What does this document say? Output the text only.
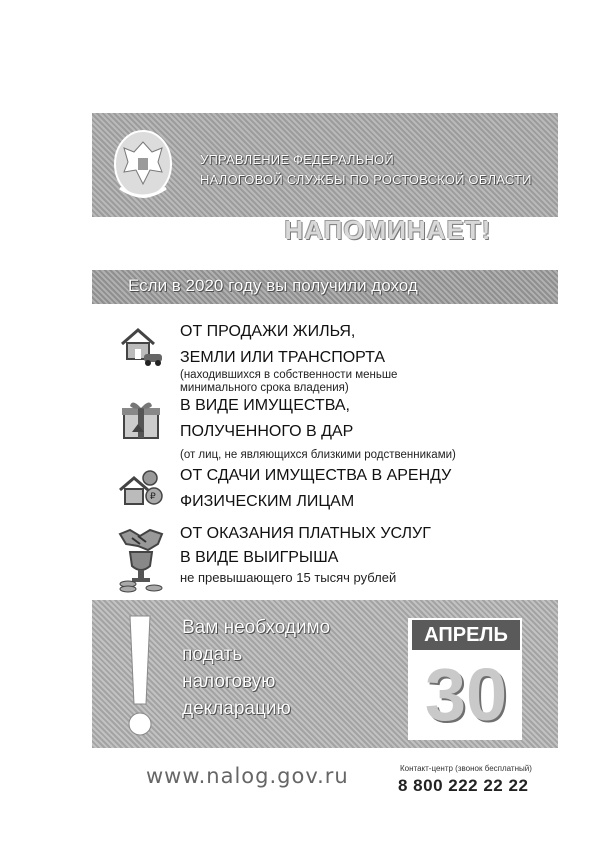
УПРАВЛЕНИЕ ФЕДЕРАЛЬНОЙ
НАЛОГОВОЙ СЛУЖБЫ ПО РОСТОВСКОЙ ОБЛАСТИ
НАПОМИНАЕТ!
Если в 2020 году вы получили доход
ОТ ПРОДАЖИ ЖИЛЬЯ,
ЗЕМЛИ ИЛИ ТРАНСПОРТА
(находившихся в собственности меньше
минимального срока владения)
В ВИДЕ ИМУЩЕСТВА,
ПОЛУЧЕННОГО В ДАР
(от лиц, не являющихся близкими родственниками)
₽
ОТ СДАЧИ ИМУЩЕСТВА В АРЕНДУ
ФИЗИЧЕСКИМ ЛИЦАМ
ОТ ОКАЗАНИЯ ПЛАТНЫХ УСЛУГ
В ВИДЕ ВЫИГРЫША
не превышающего 15 тысяч рублей
Вам необходимо
подать
налоговую
декларацию
АПРЕЛЬ
30
www.nalog.gov.ru	Контакт-центр (звонок бесплатный)
8 800 222 22 22
